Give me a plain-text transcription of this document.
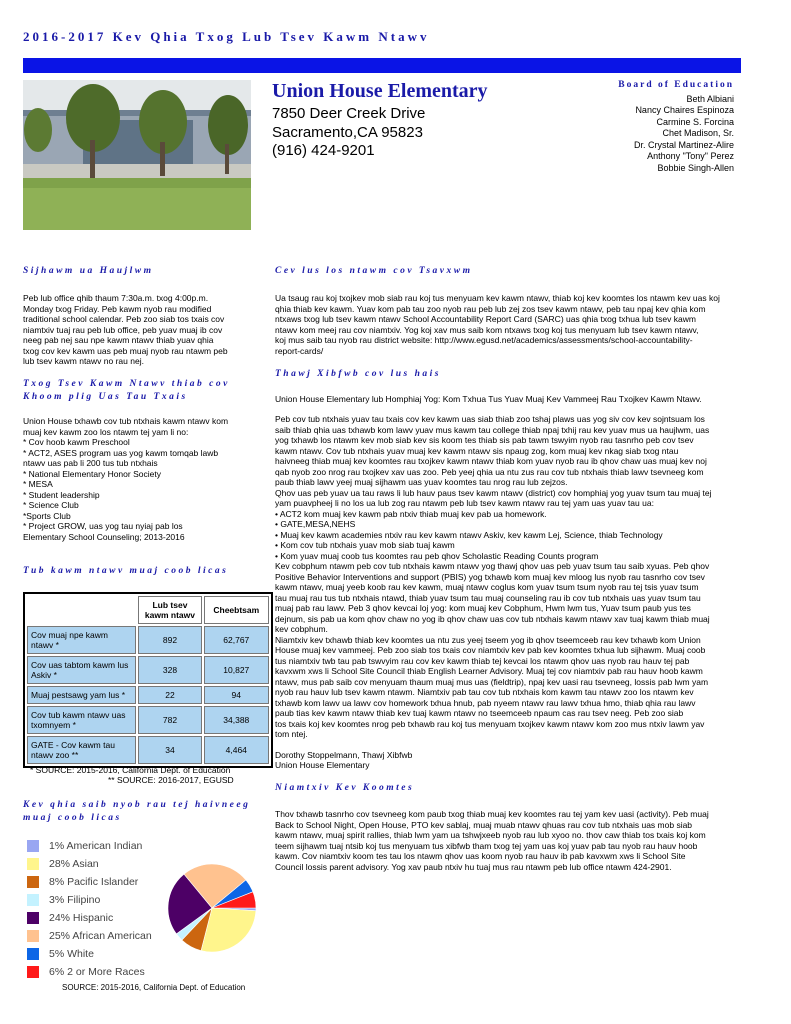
2016-2017 Kev Qhia Txog Lub Tsev Kawm Ntawv
Union House Elementary
7850 Deer Creek Drive
Sacramento,CA 95823
(916) 424-9201
Board of Education
Beth Albiani
Nancy Chaires Espinoza
Carmine S. Forcina
Chet Madison, Sr.
Dr. Crystal Martinez-Alire
Anthony "Tony" Perez
Bobbie Singh-Allen
Sijhawm ua Haujlwm
Peb lub office qhib thaum 7:30a.m. txog 4:00p.m.
Monday txog Friday. Peb kawm nyob rau modified
traditional school calendar. Peb zoo siab tos txais cov
niamtxiv tuaj rau peb lub office, peb yuav muaj ib cov
neeg pab nej sau npe kawm ntawv thiab yuav qhia
txog cov kev kawm uas peb muaj nyob rau ntawm peb
lub tsev kawm ntawv no rau nej.
Txog Tsev Kawm Ntawv thiab cov
Khoom plig Uas Tau Txais
Union House txhawb cov tub ntxhais kawm ntawv kom
muaj kev kawm zoo los ntawm tej yam li no:
* Cov hoob kawm Preschool
* ACT2, ASES program uas yog kawm tomqab lawb
ntawv uas pab li 200 tus tub ntxhais
* National Elementary Honor Society
* MESA
* Student leadership
* Science Club
*Sports Club
* Project GROW, uas yog tau nyiaj pab los
Elementary School Counseling; 2013-2016
Tub kawm ntawv muaj coob licas
	Lub tsev kawm ntawv	Cheebtsam
Cov muaj npe kawm ntawv *	892	62,767
Cov uas tabtom kawm lus Askiv *	328	10,827
Muaj pestsawg yam lus *	22	94
Cov tub kawm ntawv uas txomnyem *	782	34,388
GATE - Cov kawm tau ntawv zoo **	34	4,464
* SOURCE: 2015-2016, California Dept. of Education
** SOURCE: 2016-2017, EGUSD
Kev qhia saib nyob rau tej haivneeg
muaj coob licas
1% American Indian
28% Asian
8% Pacific Islander
3% Filipino
24% Hispanic
25% African American
5% White
6% 2 or More Races
SOURCE: 2015-2016, California Dept. of Education
Cev lus los ntawm cov Tsavxwm
Ua tsaug rau koj txojkev mob siab rau koj tus menyuam kev kawm ntawv, thiab koj kev koomtes los ntawm kev uas koj
qhia thiab kev kawm. Yuav kom pab tau zoo nyob rau peb lub zej zos tsev kawm ntawv, peb tau npaj kev qhia kom
ntxaws txog lub tsev kawm ntawv School Accountability Report Card (SARC) uas qhia txog txhua lub tsev kawm
ntawv kom meej rau cov niamtxiv. Yog koj xav mus saib kom ntxaws txog koj tus menyuam lub tsev kawm ntawv,
koj mus saib tau nyob rau district website: http://www.egusd.net/academics/assessments/school-accountability-
report-cards/
Thawj Xibfwb cov lus hais
Union House Elementary lub Homphiaj Yog: Kom Txhua Tus Yuav Muaj Kev Vammeej Rau Txojkev Kawm Ntawv.
Peb cov tub ntxhais yuav tau txais cov kev kawm uas siab thiab zoo tshaj plaws uas yog siv cov kev sojntsuam los
saib thiab qhia uas txhawb kom lawv yuav mus kawm tau college thiab npaj txhij rau kev yuav mus ua haujlwm, uas
yog txhawb los ntawm kev mob siab kev sis koom tes thiab sis pab tawm tswyim nyob rau tasnrho peb cov tsev
kawm ntawv. Cov tub ntxhais yuav muaj kev kawm ntawv sis npaug zog, kom muaj kev nkag siab txog ntau
haivneeg thiab muaj kev koomtes rau txojkev kawm ntawv thiab kom yuav nyob rau ib qhov chaw uas muaj kev noj
qab nyob zoo nrog rau txojkev xav uas zoo. Peb yeej qhia ua ntu zus rau cov tub ntxhais thiab lawv tsevneeg kom
paub thiab lawv yeej muaj sijhawm uas yuav koomtes tau nrog rau lub zejzos.
Qhov uas peb yuav ua tau raws li lub hauv paus tsev kawm ntawv (district) cov homphiaj yog yuav tsum tau muaj tej
yam puavpheej li no los ua lub zog rau ntawm peb lub tsev kawm ntawv rau tej yam uas yuav tau ua:
• ACT2 kom muaj kev kawm pab ntxiv thiab muaj kev pab ua homework.
• GATE,MESA,NEHS
• Muaj kev kawm academies ntxiv rau kev kawm ntawv Askiv, kev kawm Lej, Science, thiab Technology
• Kom cov tub ntxhais yuav mob siab tuaj kawm
• Kom yuav muaj coob tus koomtes rau peb qhov Scholastic Reading Counts program
Kev cobphum ntawm peb cov tub ntxhais kawm ntawv yog thawj qhov uas peb yuav tsum tau saib xyuas. Peb qhov
Positive Behavior Interventions and support (PBIS) yog txhawb kom muaj kev mloog lus nyob rau tasnrho cov tsev
kawm ntawv, muaj yeeb koob rau kev kawm, muaj ntawv coglus kom yuav tsum tsum nyob rau tej tsis yuav tsum
tau muaj rau tus tub ntxhais ntawd, thiab yuav tsum tau muaj counseling rau ib cov tub ntxhais uas yuav tsum tau
muaj pab rau lawv. Peb 3 qhov kevcai loj yog: kom muaj kev Cobphum, Hwm lwm tus, Yuav tsum paub yus tes
dejnum, sis pab ua kom qhov chaw no yog ib qhov chaw uas cov tub ntxhais kawm ntawv xav tuaj kawm thiab muaj
kev cobphum.
Niamtxiv kev txhawb thiab kev koomtes ua ntu zus yeej tseem yog ib qhov tseemceeb rau kev txhawb kom Union
House muaj kev vammeej. Peb zoo siab tos txais cov niamtxiv kev pab kev koomtes txhua lub sijhawm. Muaj coob
tus niamtxiv twb tau pab tswvyim rau cov kev kawm thiab tej kevcai los ntawm qhov uas nyob rau hauv tej pab
kavxwm xws li School Site Council thiab English Learner Advisory. Muaj tej cov niamtxiv pab rau hauv hoob kawm
ntawv, mus pab saib cov menyuam thaum muaj mus uas (fieldtrip), npaj kev uasi rau tsevneeg, lossis pab lwm yam
nyob rau hauv lub tsev kawm ntawm. Niamtxiv pab tau cov tub ntxhais kom kawm tau ntawv zoo los ntawm kev
txhawb kom lawv ua lawv cov homework txhua hnub, pab nyeem ntawv rau lawv txhua hmo, thiab qhia rau lawv
paub tias kev kawm ntawv thiab kev tuaj kawm ntawv no tseemceeb npaum cas rau tsev neeg. Peb zoo siab
tos txais koj kev koomtes nrog peb txhawb rau koj tus menyuam txojkev kawm ntawv kom zoo mus ntxiv lawm yav
tom ntej.
Dorothy Stoppelmann, Thawj Xibfwb
Union House Elementary
Niamtxiv Kev Koomtes
Thov txhawb tasnrho cov tsevneeg kom paub txog thiab muaj kev koomtes rau tej yam kev uasi (activity). Peb muaj
Back to School Night, Open House, PTO kev sablaj, muaj muab ntawv qhuas rau cov tub ntxhais uas mob siab
kawm ntawv, muaj spirit rallies, thiab lwm yam ua tshwjxeeb nyob rau lub xyoo no. thov caw thiab tos txais koj kom
teem sijhawm tuaj ntsib koj tus menyuam tus xibfwb tham txog tej yam uas koj yuav pab tau nyob rau hauv hoob
kawm. Cov niamtxiv koom tes tau los ntawm qhov uas koom nyob rau hauv ib pab kavxwm xws li School Site
Council lossis parent advisory. Yog xav paub ntxiv hu tuaj mus rau ntawm peb lub office ntawm 424-2901.
